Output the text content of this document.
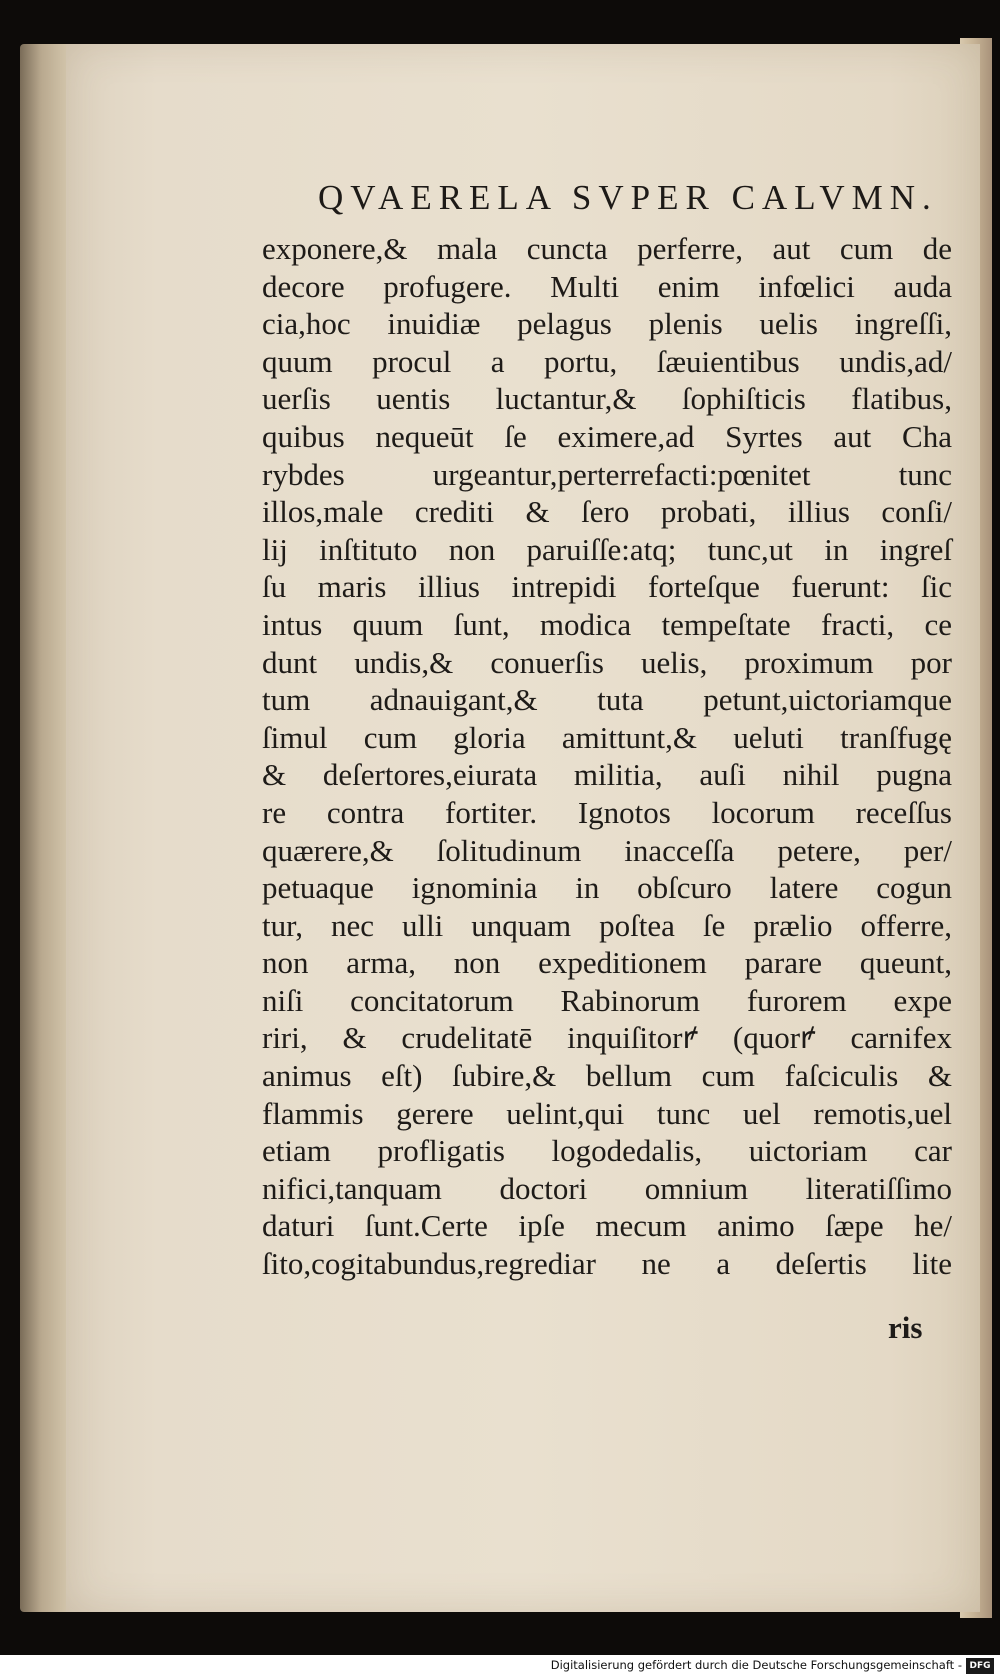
QVAERELA SVPER CALVMN.
exponere,& mala cuncta perferre, aut cum de
decore profugere. Multi enim infœlici auda
cia,hoc inuidiæ pelagus plenis uelis ingreſſi,
quum procul a portu, ſæuientibus undis,ad/
uerſis uentis luctantur,& ſophiſticis flatibus,
quibus nequeūt ſe eximere,ad Syrtes aut Cha
rybdes urgeantur,perterrefacti:pœnitet tunc
illos,male crediti & ſero probati, illius conſi/
lij inſtituto non paruiſſe:atq; tunc,ut in ingreſ
ſu maris illius intrepidi forteſque fuerunt: ſic
intus quum ſunt, modica tempeſtate fracti, ce
dunt undis,& conuerſis uelis, proximum por
tum adnauigant,& tuta petunt,uictoriamque
ſimul cum gloria amittunt,& ueluti tranſfugę
& deſertores,eiurata militia, auſi nihil pugna
re contra fortiter. Ignotos locorum receſſus
quærere,& ſolitudinum inacceſſa petere, per/
petuaque ignominia in obſcuro latere cogun
tur, nec ulli unquam poſtea ſe prælio offerre,
non arma, non expeditionem parare queunt,
niſi concitatorum Rabinorum furorem expe
riri, & crudelitatē inquiſitorꝵ (quorꝵ carnifex
animus eſt) ſubire,& bellum cum faſciculis &
flammis gerere uelint,qui tunc uel remotis,uel
etiam profligatis logodedalis, uictoriam car
nifici,tanquam doctori omnium literatiſſimo
daturi ſunt.Certe ipſe mecum animo ſæpe he/
ſito,cogitabundus,regrediar ne a deſertis lite
ris
Digitalisierung gefördert durch die Deutsche Forschungsgemeinschaft - DFG
